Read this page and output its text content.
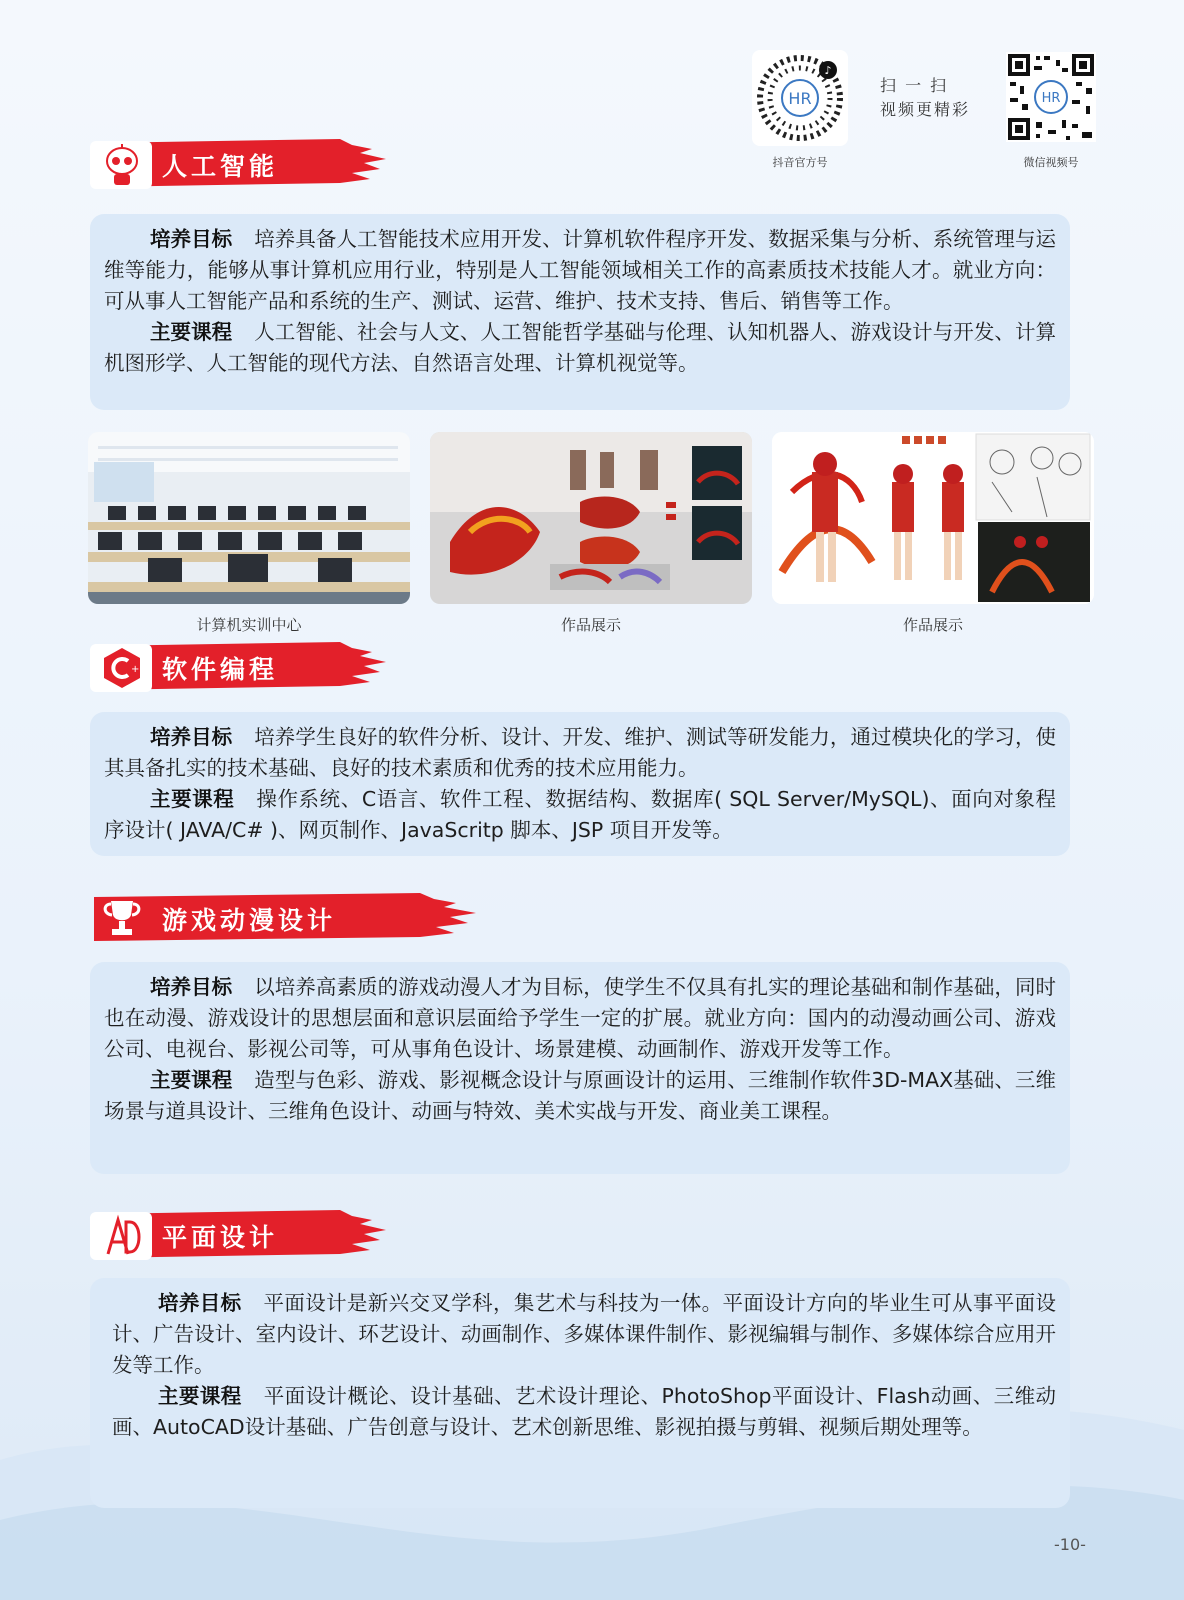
HR
♪
抖音官方号
扫 一 扫
视频更精彩
HR
微信视频号
人工智能

培养目标 培养具备人工智能技术应用开发、计算机软件程序开发、数据采集与分析、系统管理与运维等能力，能够从事计算机应用行业，特别是人工智能领域相关工作的高素质技术技能人才。就业方向：可从事人工智能产品和系统的生产、测试、运营、维护、技术支持、售后、销售等工作。

主要课程 人工智能、社会与人文、人工智能哲学基础与伦理、认知机器人、游戏设计与开发、计算机图形学、人工智能的现代方法、自然语言处理、计算机视觉等。

计算机实训中心	作品展示	作品展示
+ 软件编程

培养目标 培养学生良好的软件分析、设计、开发、维护、测试等研发能力，通过模块化的学习，使其具备扎实的技术基础、良好的技术素质和优秀的技术应用能力。

主要课程 操作系统、C语言、软件工程、数据结构、数据库( SQL Server/MySQL)、面向对象程序设计( JAVA/C# )、网页制作、JavaScritp 脚本、JSP 项目开发等。

游戏动漫设计

培养目标 以培养高素质的游戏动漫人才为目标，使学生不仅具有扎实的理论基础和制作基础，同时也在动漫、游戏设计的思想层面和意识层面给予学生一定的扩展。就业方向：国内的动漫动画公司、游戏公司、电视台、影视公司等，可从事角色设计、场景建模、动画制作、游戏开发等工作。

主要课程 造型与色彩、游戏、影视概念设计与原画设计的运用、三维制作软件3D-MAX基础、三维场景与道具设计、三维角色设计、动画与特效、美术实战与开发、商业美工课程。

平面设计

培养目标 平面设计是新兴交叉学科，集艺术与科技为一体。平面设计方向的毕业生可从事平面设计、广告设计、室内设计、环艺设计、动画制作、多媒体课件制作、影视编辑与制作、多媒体综合应用开发等工作。

主要课程 平面设计概论、设计基础、艺术设计理论、PhotoShop平面设计、Flash动画、三维动画、AutoCAD设计基础、广告创意与设计、艺术创新思维、影视拍摄与剪辑、视频后期处理等。

-10-
